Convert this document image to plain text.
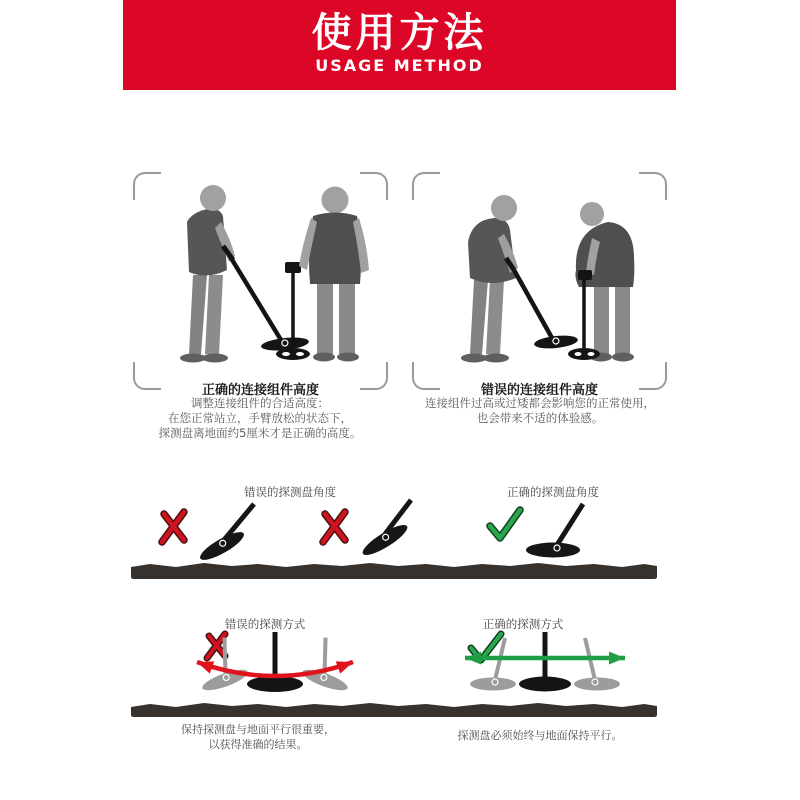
使用方法
USAGE METHOD
正确的连接组件高度	错误的连接组件高度
调整连接组件的合适高度：
在您正常站立，手臂放松的状态下，
探测盘离地面约5厘米才是正确的高度。
连接组件过高或过矮都会影响您的正常使用，
也会带来不适的体验感。
错误的探测盘角度	正确的探测盘角度
错误的探测方式	正确的探测方式
保持探测盘与地面平行很重要，
以获得准确的结果。
探测盘必须始终与地面保持平行。
